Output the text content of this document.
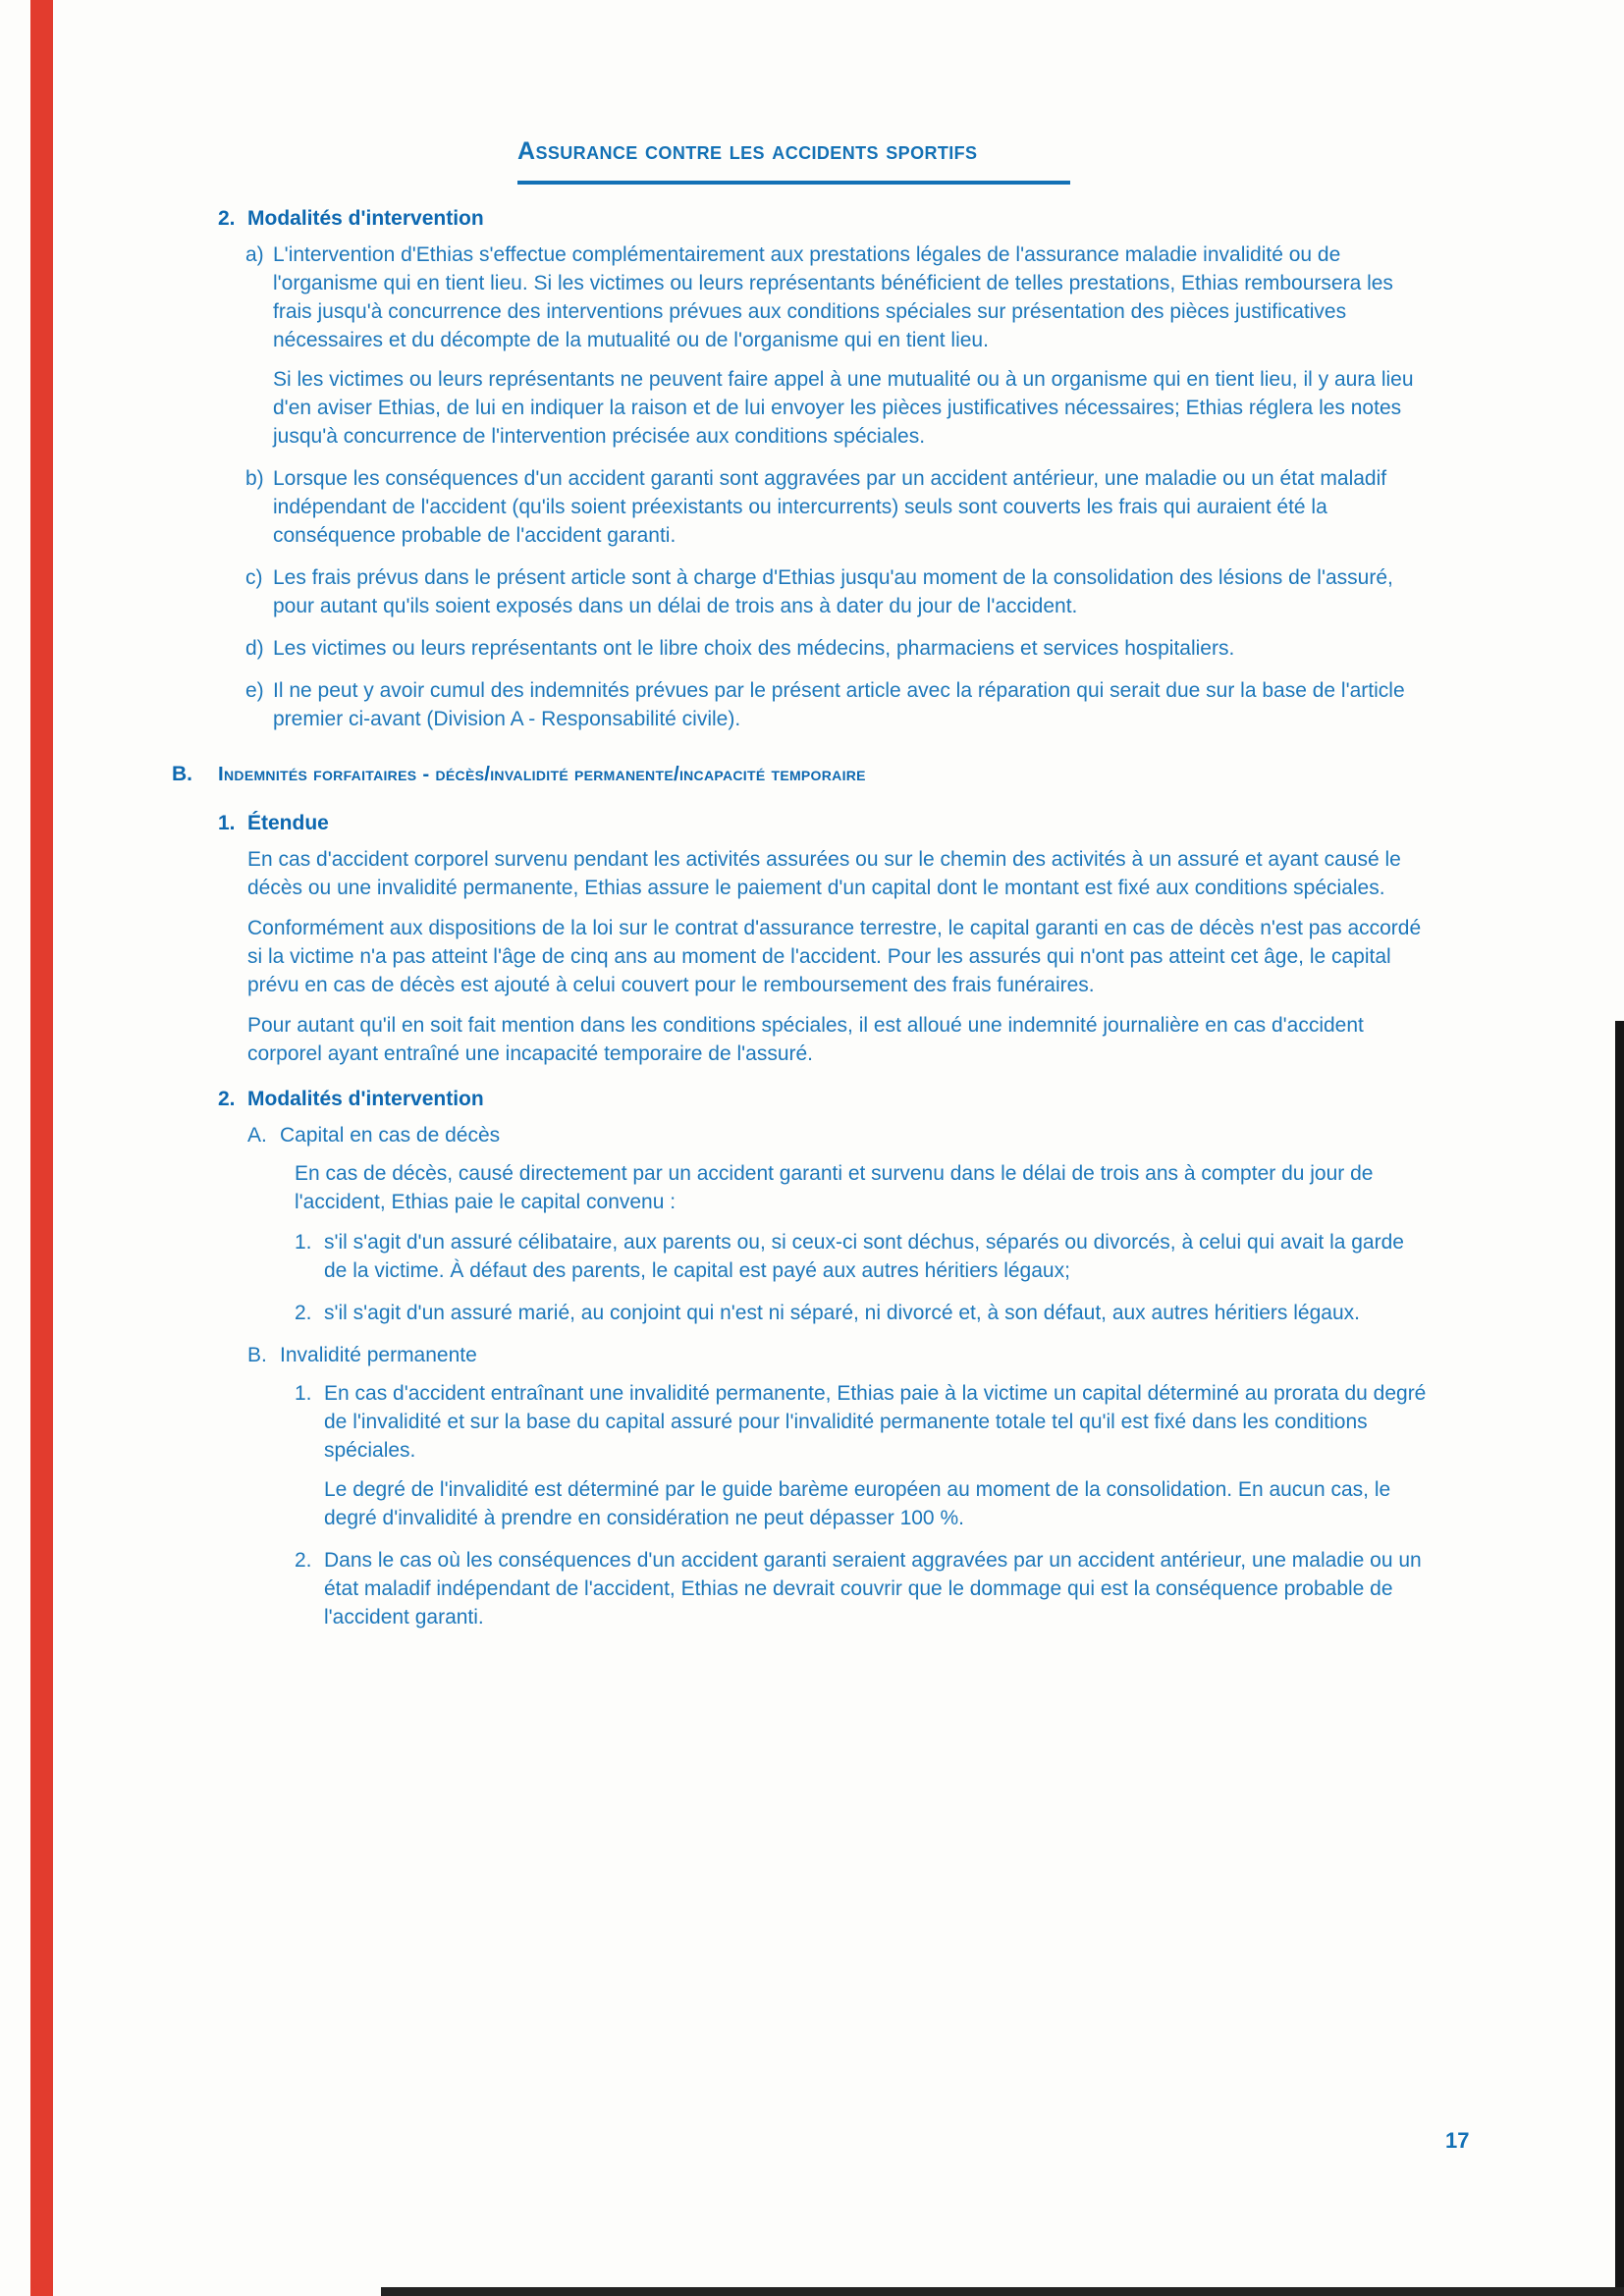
Assurance contre les accidents sportifs
2. Modalités d'intervention
a) L'intervention d'Ethias s'effectue complémentairement aux prestations légales de l'assurance maladie invalidité ou de l'organisme qui en tient lieu. Si les victimes ou leurs représentants bénéficient de telles prestations, Ethias remboursera les frais jusqu'à concurrence des interventions prévues aux conditions spéciales sur présentation des pièces justificatives nécessaires et du décompte de la mutualité ou de l'organisme qui en tient lieu.

Si les victimes ou leurs représentants ne peuvent faire appel à une mutualité ou à un organisme qui en tient lieu, il y aura lieu d'en aviser Ethias, de lui en indiquer la raison et de lui envoyer les pièces justificatives nécessaires; Ethias réglera les notes jusqu'à concurrence de l'intervention précisée aux conditions spéciales.

b) Lorsque les conséquences d'un accident garanti sont aggravées par un accident antérieur, une maladie ou un état maladif indépendant de l'accident (qu'ils soient préexistants ou intercurrents) seuls sont couverts les frais qui auraient été la conséquence probable de l'accident garanti.

c) Les frais prévus dans le présent article sont à charge d'Ethias jusqu'au moment de la consolidation des lésions de l'assuré, pour autant qu'ils soient exposés dans un délai de trois ans à dater du jour de l'accident.

d) Les victimes ou leurs représentants ont le libre choix des médecins, pharmaciens et services hospitaliers.

e) Il ne peut y avoir cumul des indemnités prévues par le présent article avec la réparation qui serait due sur la base de l'article premier ci-avant (Division A - Responsabilité civile).

B.	Indemnités forfaitaires - décès/invalidité permanente/incapacité temporaire
1. Étendue

En cas d'accident corporel survenu pendant les activités assurées ou sur le chemin des activités à un assuré et ayant causé le décès ou une invalidité permanente, Ethias assure le paiement d'un capital dont le montant est fixé aux conditions spéciales.

Conformément aux dispositions de la loi sur le contrat d'assurance terrestre, le capital garanti en cas de décès n'est pas accordé si la victime n'a pas atteint l'âge de cinq ans au moment de l'accident. Pour les assurés qui n'ont pas atteint cet âge, le capital prévu en cas de décès est ajouté à celui couvert pour le remboursement des frais funéraires.

Pour autant qu'il en soit fait mention dans les conditions spéciales, il est alloué une indemnité journalière en cas d'accident corporel ayant entraîné une incapacité temporaire de l'assuré.

2. Modalités d'intervention
A. Capital en cas de décès

En cas de décès, causé directement par un accident garanti et survenu dans le délai de trois ans à compter du jour de l'accident, Ethias paie le capital convenu :

1. s'il s'agit d'un assuré célibataire, aux parents ou, si ceux-ci sont déchus, séparés ou divorcés, à celui qui avait la garde de la victime. À défaut des parents, le capital est payé aux autres héritiers légaux;

2. s'il s'agit d'un assuré marié, au conjoint qui n'est ni séparé, ni divorcé et, à son défaut, aux autres héritiers légaux.

B. Invalidité permanente
1. En cas d'accident entraînant une invalidité permanente, Ethias paie à la victime un capital déterminé au prorata du degré de l'invalidité et sur la base du capital assuré pour l'invalidité permanente totale tel qu'il est fixé dans les conditions spéciales.

Le degré de l'invalidité est déterminé par le guide barème européen au moment de la consolidation. En aucun cas, le degré d'invalidité à prendre en considération ne peut dépasser 100 %.

2. Dans le cas où les conséquences d'un accident garanti seraient aggravées par un accident antérieur, une maladie ou un état maladif indépendant de l'accident, Ethias ne devrait couvrir que le dommage qui est la conséquence probable de l'accident garanti.

17
